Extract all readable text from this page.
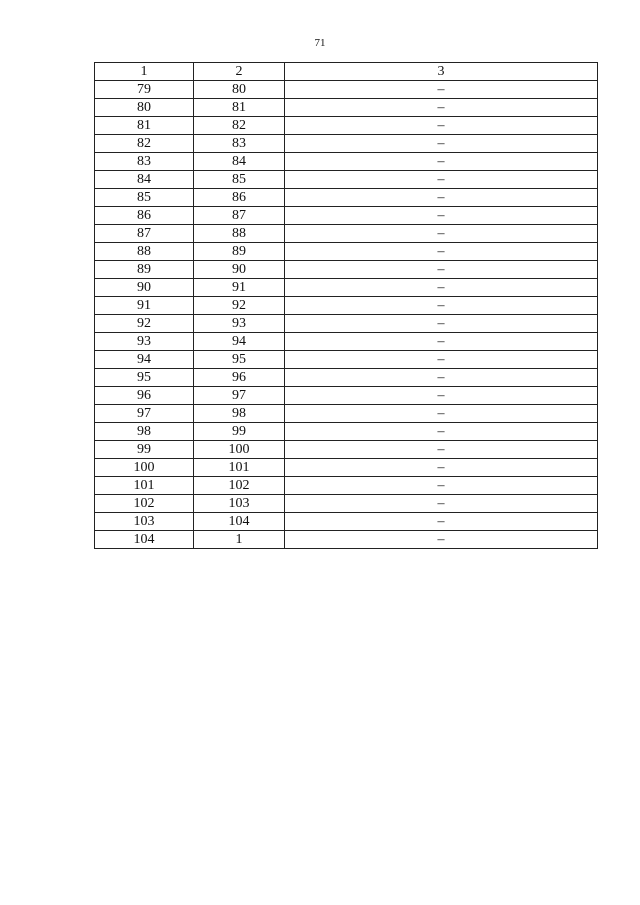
71
1	2	3
79	80	–
80	81	–
81	82	–
82	83	–
83	84	–
84	85	–
85	86	–
86	87	–
87	88	–
88	89	–
89	90	–
90	91	–
91	92	–
92	93	–
93	94	–
94	95	–
95	96	–
96	97	–
97	98	–
98	99	–
99	100	–
100	101	–
101	102	–
102	103	–
103	104	–
104	1	–
